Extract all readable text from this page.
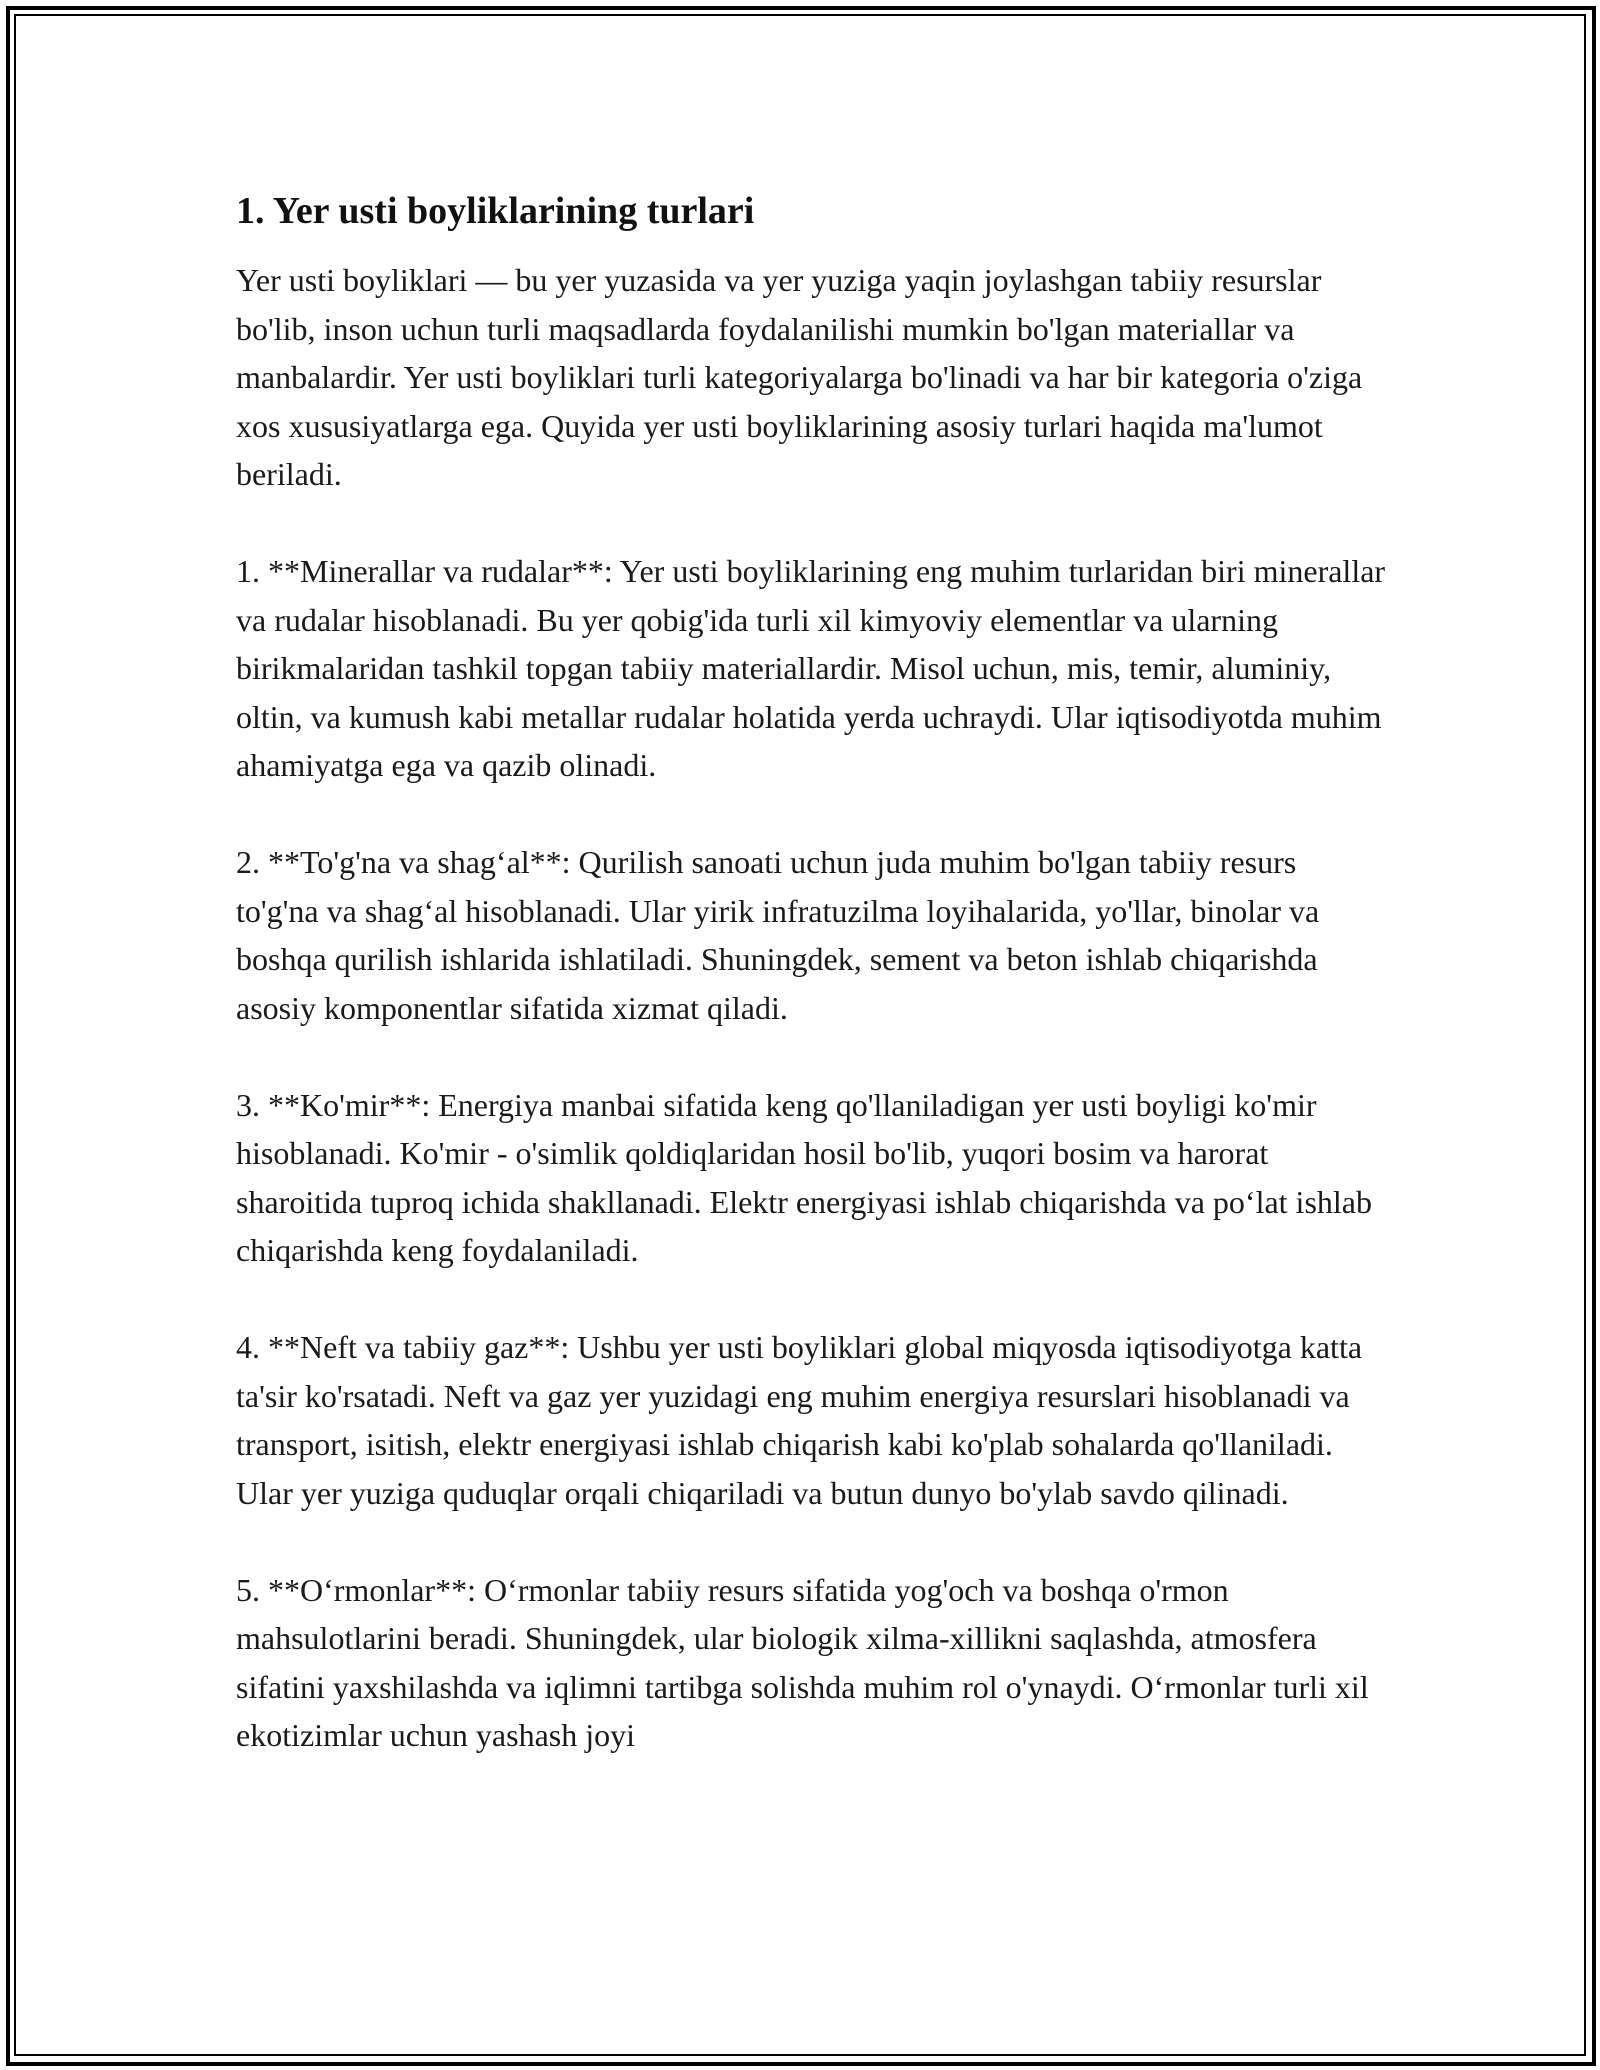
1. Yer usti boyliklarining turlari

Yer usti boyliklari — bu yer yuzasida va yer yuziga yaqin joylashgan tabiiy resurslar bo'lib, inson uchun turli maqsadlarda foydalanilishi mumkin bo'lgan materiallar va manbalardir. Yer usti boyliklari turli kategoriyalarga bo'linadi va har bir kategoria o'ziga xos xususiyatlarga ega. Quyida yer usti boyliklarining asosiy turlari haqida ma'lumot beriladi.

1. **Minerallar va rudalar**: Yer usti boyliklarining eng muhim turlaridan biri minerallar va rudalar hisoblanadi. Bu yer qobig'ida turli xil kimyoviy elementlar va ularning birikmalaridan tashkil topgan tabiiy materiallardir. Misol uchun, mis, temir, aluminiy, oltin, va kumush kabi metallar rudalar holatida yerda uchraydi. Ular iqtisodiyotda muhim ahamiyatga ega va qazib olinadi.

2. **To'g'na va shag‘al**: Qurilish sanoati uchun juda muhim bo'lgan tabiiy resurs to'g'na va shag‘al hisoblanadi. Ular yirik infratuzilma loyihalarida, yo'llar, binolar va boshqa qurilish ishlarida ishlatiladi. Shuningdek, sement va beton ishlab chiqarishda asosiy komponentlar sifatida xizmat qiladi.

3. **Ko'mir**: Energiya manbai sifatida keng qo'llaniladigan yer usti boyligi ko'mir hisoblanadi. Ko'mir - o'simlik qoldiqlaridan hosil bo'lib, yuqori bosim va harorat sharoitida tuproq ichida shakllanadi. Elektr energiyasi ishlab chiqarishda va po‘lat ishlab chiqarishda keng foydalaniladi.

4. **Neft va tabiiy gaz**: Ushbu yer usti boyliklari global miqyosda iqtisodiyotga katta ta'sir ko'rsatadi. Neft va gaz yer yuzidagi eng muhim energiya resurslari hisoblanadi va transport, isitish, elektr energiyasi ishlab chiqarish kabi ko'plab sohalarda qo'llaniladi. Ular yer yuziga quduqlar orqali chiqariladi va butun dunyo bo'ylab savdo qilinadi.

5. **O‘rmonlar**: O‘rmonlar tabiiy resurs sifatida yog'och va boshqa o'rmon mahsulotlarini beradi. Shuningdek, ular biologik xilma-xillikni saqlashda, atmosfera sifatini yaxshilashda va iqlimni tartibga solishda muhim rol o'ynaydi. O‘rmonlar turli xil ekotizimlar uchun yashash joyi
